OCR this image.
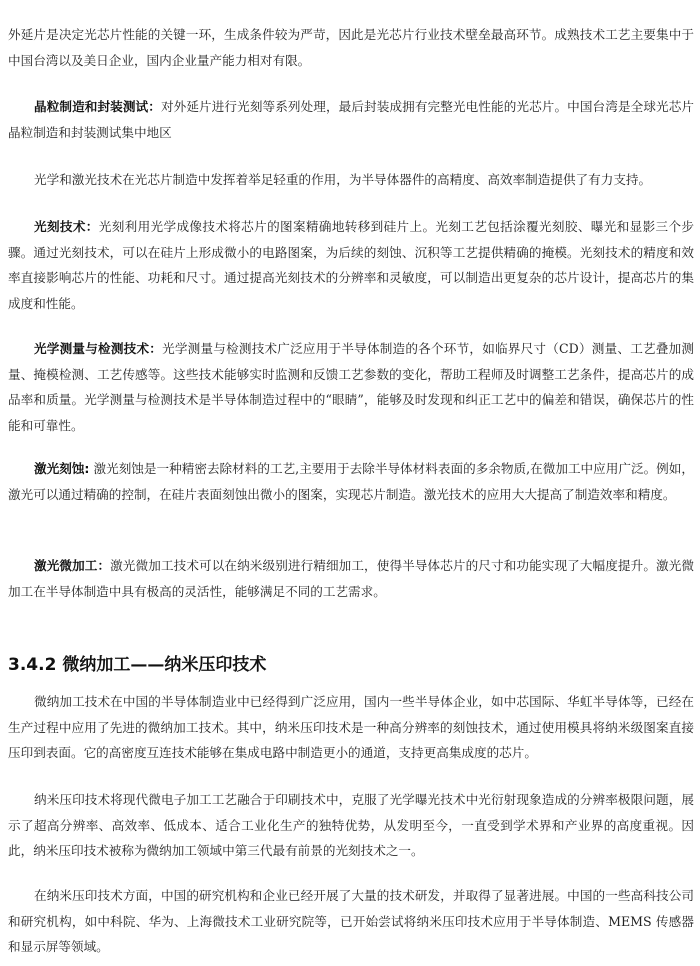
外延片是决定光芯片性能的关键一环，生成条件较为严苛，因此是光芯片行业技术壁垒最高环节。成熟技术工艺主要集中于中国台湾以及美日企业，国内企业量产能力相对有限。

晶粒制造和封装测试：对外延片进行光刻等系列处理，最后封装成拥有完整光电性能的光芯片。中国台湾是全球光芯片晶粒制造和封装测试集中地区

光学和激光技术在光芯片制造中发挥着举足轻重的作用，为半导体器件的高精度、高效率制造提供了有力支持。

光刻技术：光刻利用光学成像技术将芯片的图案精确地转移到硅片上。光刻工艺包括涂覆光刻胶、曝光和显影三个步骤。通过光刻技术，可以在硅片上形成微小的电路图案，为后续的刻蚀、沉积等工艺提供精确的掩模。光刻技术的精度和效率直接影响芯片的性能、功耗和尺寸。通过提高光刻技术的分辨率和灵敏度，可以制造出更复杂的芯片设计，提高芯片的集成度和性能。

光学测量与检测技术：光学测量与检测技术广泛应用于半导体制造的各个环节，如临界尺寸（CD）测量、工艺叠加测量、掩模检测、工艺传感等。这些技术能够实时监测和反馈工艺参数的变化，帮助工程师及时调整工艺条件，提高芯片的成品率和质量。光学测量与检测技术是半导体制造过程中的“眼睛”，能够及时发现和纠正工艺中的偏差和错误，确保芯片的性能和可靠性。

激光刻蚀: 激光刻蚀是一种精密去除材料的工艺,主要用于去除半导体材料表面的多余物质,在微加工中应用广泛。例如，激光可以通过精确的控制，在硅片表面刻蚀出微小的图案，实现芯片制造。激光技术的应用大大提高了制造效率和精度。

激光微加工：激光微加工技术可以在纳米级别进行精细加工，使得半导体芯片的尺寸和功能实现了大幅度提升。激光微加工在半导体制造中具有极高的灵活性，能够满足不同的工艺需求。

3.4.2 微纳加工——纳米压印技术

微纳加工技术在中国的半导体制造业中已经得到广泛应用，国内一些半导体企业，如中芯国际、华虹半导体等，已经在生产过程中应用了先进的微纳加工技术。其中，纳米压印技术是一种高分辨率的刻蚀技术，通过使用模具将纳米级图案直接压印到表面。它的高密度互连技术能够在集成电路中制造更小的通道，支持更高集成度的芯片。

纳米压印技术将现代微电子加工工艺融合于印刷技术中，克服了光学曝光技术中光衍射现象造成的分辨率极限问题，展示了超高分辨率、高效率、低成本、适合工业化生产的独特优势，从发明至今，一直受到学术界和产业界的高度重视。因此，纳米压印技术被称为微纳加工领域中第三代最有前景的光刻技术之一。

在纳米压印技术方面，中国的研究机构和企业已经开展了大量的技术研发，并取得了显著进展。中国的一些高科技公司和研究机构，如中科院、华为、上海微技术工业研究院等，已开始尝试将纳米压印技术应用于半导体制造、MEMS 传感器和显示屏等领域。
